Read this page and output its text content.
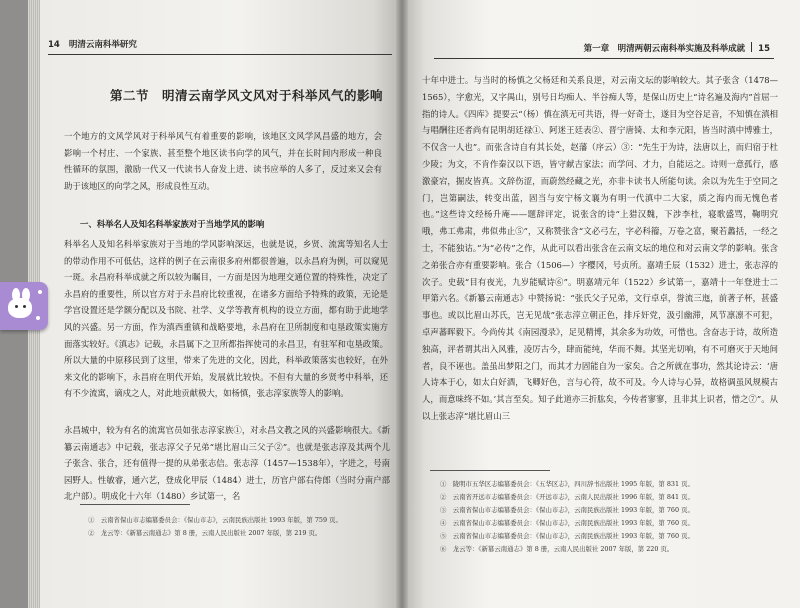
14 明清云南科举研究
第二节　明清云南学风文风对于科举风气的影响
一个地方的文风学风对于科举风气有着重要的影响，该地区文风学风昌盛的地方，会影响一个村庄、一个家族、甚至整个地区读书向学的风气，并在长时间内形成一种良性循环的氛围，激励一代又一代读书人奋发上进、读书应举的人多了，反过来又会有助于该地区的向学之风，形成良性互动。
一、科举名人及知名科举家族对于当地学风的影响
科举名人及知名科举家族对于当地的学风影响深远，也就是说，乡贤、流寓等知名人士的带动作用不可低估，这样的例子在云南很多府州都很普遍，以永昌府为例，可以窥见一斑。永昌府科举成就之所以较为瞩目，一方面是因为地理交通位置的特殊性，决定了永昌府的重要性，所以官方对于永昌府比较重视，在诸多方面给予特殊的政策，无论是学宫设置还是学额分配以及书院、社学、义学等教育机构的设立方面，都有助于此地学风的兴盛。另一方面，作为滇西重镇和战略要地，永昌府在卫所制度和屯垦政策实施方面落实较好。《滇志》记载，永昌属下之卫所都指挥使司的永昌卫，有驻军和屯垦政策。所以大量的中原移民到了这里，带来了先进的文化，因此，科举政策落实也较好，在外来文化的影响下，永昌府在明代开始，发展就比较快。不但有大量的乡贤考中科举，还有不少流寓，谪戍之人，对此地贡献极大，如杨慎，张志淳家族等人的影响。
永昌城中，较为有名的流寓官员如张志淳家族①，对永昌文教之风的兴盛影响很大。《新纂云南通志》中记载，张志淳父子兄弟“堪比眉山三父子②”。也就是张志淳及其两个儿子张含、张合，还有值得一提的从弟张志信。张志淳（1457—1538年），字进之，号南园野人。性敏睿，通六艺，登成化甲辰（1484）进士，历官户部右侍郎（当时分南户部北户部）。明成化十六年（1480）乡试第一，名
①　云南省保山市志编纂委员会：《保山市志》，云南民族出版社 1993 年版，第 759 页。
②　龙云等：《新纂云南通志》第 8 册，云南人民出版社 2007 年版，第 219 页。
第一章　明清两朝云南科举实施及科举成就 15
十年中进士。与当时的杨慎之父杨廷和关系良逆，对云南文坛的影响较大。其子张含（1478—1565），字愈光，又字禺山，别号日均痴人、半谷痴人等，是保山历史上“诗名遍及海内”首屈一指的诗人。《四库》提要云“（杨）慎在滇无可共语，得一好奇士，遂目为空谷足音，不知慎在滇相与唱酬往还者尚有昆明胡廷禄①、阿迷王廷表②、晋宁唐锜、太和李元阳，皆当时滇中博雅士，不仅含一人也”。而张含诗自有其长处，赵藩（序云）③：“先生于为诗，法唐以上，而归宿于杜少陵；为文，不肯作秦汉以下语，皆守献吉家法；而学问、才力，自能运之。诗则一意孤行，感激豪宕，掘皮皆真。文辞伤涩，而蔚然经藏之光，亦非卡读书人所能句读。余以为先生于空同之门，岂第嗣法，转变出蓝，固当与安宁杨文襄为有明一代滇中二大家，质之海内而无愧色者也。”这些诗文经杨升庵——题辞评定，说张含的诗“上猎汉魏，下涉李杜，寝歌盛骂，鞠明究哦，弗工弗肃，弗似弗止⑤”，又称赞张含“文必弓左，字必科籀，万卷之富，聚若蠡括，一经之士，不能独诂。”为“必传”之作，从此可以看出张含在云南文坛的地位和对云南文学的影响。张含之弟张合亦有重要影响。张合（1506—）字樱冈，号贞所。嘉靖壬辰（1532）进士，张志淳的次子。史载“目有夜光，九岁能赋诗⑥”。明嘉靖元年（1522）乡试第一，嘉靖十一年登进士二甲第六名。《新纂云南通志》中赞扬说：“张氏父子兄弟，文行卓卓，誉流三迤，前著子杯，甚盛事也。或以比眉山苏氏，岂无见哉”张志淳立朝正色，排斥奸党，汲引幽滞，风节凛凛不可犯，卓声蕃晖毅下。今尚传其《南园漫录》，足见精博，其余多为功效，可惜也。含奋志于诗，故所造独高，评者谓其出入风雅，凌厉古今，肆而能纯，华而不舞。其坚光切响，有不可磨灭于天地间者，良不诬也。盖虽出梦阳之门，而其才力固能自为一家矣。合之所就在事功，然其论诗云：‘唐人诗本于心，如太白好酒，飞卿好色，言与心符，故不可及。今人诗与心异，故格调虽风规模古人，而意味终不如。’其言至矣。知子此道亦三折肱矣，今传者寥寥，且非其上识者，惜之⑦”。从以上张志淳“堪比眉山三
①　陇明市五华区志编纂委员会：《五华区志》，四川辞书出版社 1995 年版，第 831 页。
②　云南省开远市志编纂委员会：《开远市志》，云南人民出版社 1996 年版，第 841 页。
③　云南省保山市志编纂委员会：《保山市志》，云南民族出版社 1993 年版，第 760 页。
④　云南省保山市志编纂委员会：《保山市志》，云南民族出版社 1993 年版，第 760 页。
⑤　云南省保山市志编纂委员会：《保山市志》，云南民族出版社 1993 年版，第 760 页。
⑥　龙云等：《新纂云南通志》第 8 册，云南人民出版社 2007 年版，第 220 页。
